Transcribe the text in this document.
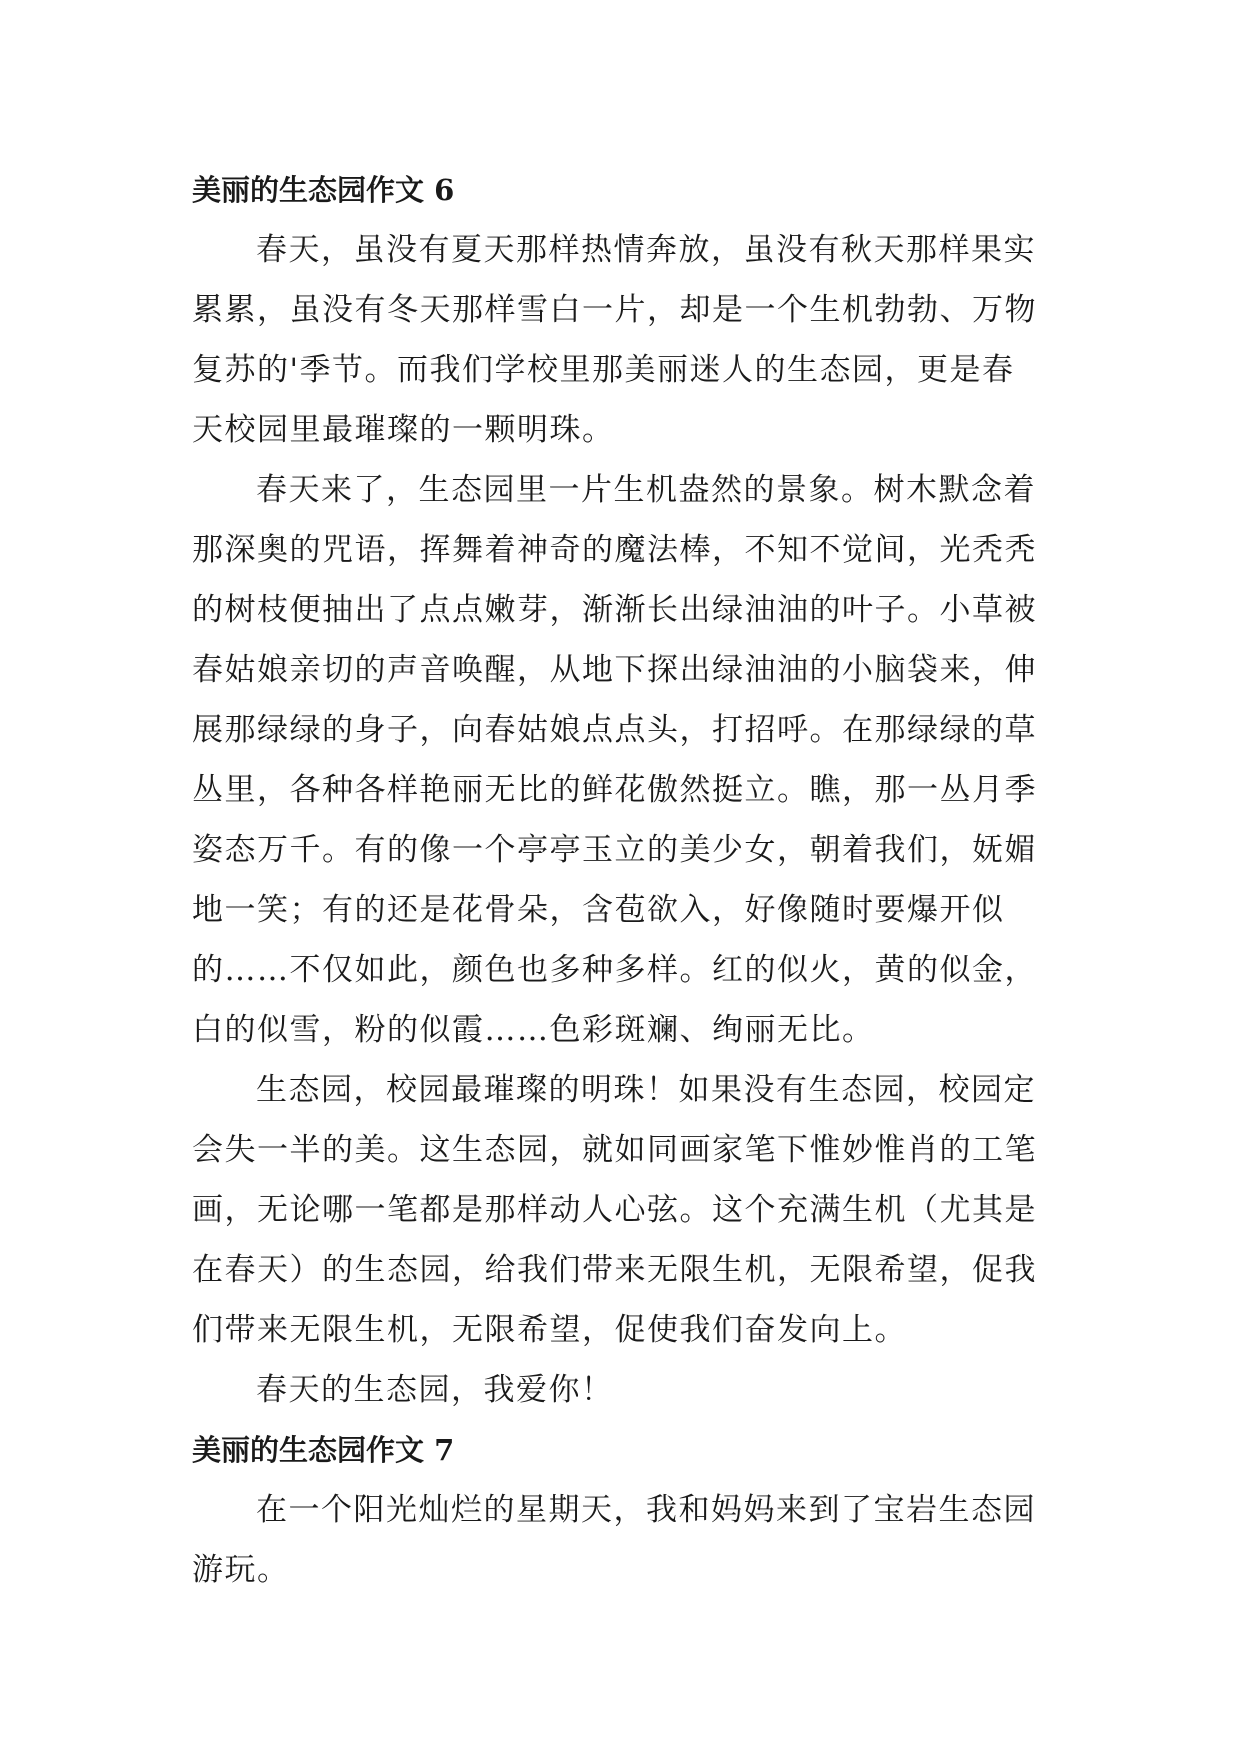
美丽的生态园作文 6

春天，虽没有夏天那样热情奔放，虽没有秋天那样果实
累累，虽没有冬天那样雪白一片，却是一个生机勃勃、万物
复苏的'季节。而我们学校里那美丽迷人的生态园，更是春
天校园里最璀璨的一颗明珠。

春天来了，生态园里一片生机盎然的景象。树木默念着
那深奥的咒语，挥舞着神奇的魔法棒，不知不觉间，光秃秃
的树枝便抽出了点点嫩芽，渐渐长出绿油油的叶子。小草被
春姑娘亲切的声音唤醒，从地下探出绿油油的小脑袋来，伸
展那绿绿的身子，向春姑娘点点头，打招呼。在那绿绿的草
丛里，各种各样艳丽无比的鲜花傲然挺立。瞧，那一丛月季
姿态万千。有的像一个亭亭玉立的美少女，朝着我们，妩媚
地一笑；有的还是花骨朵，含苞欲入，好像随时要爆开似
的……不仅如此，颜色也多种多样。红的似火，黄的似金，
白的似雪，粉的似霞……色彩斑斓、绚丽无比。

生态园，校园最璀璨的明珠！如果没有生态园，校园定
会失一半的美。这生态园，就如同画家笔下惟妙惟肖的工笔
画，无论哪一笔都是那样动人心弦。这个充满生机（尤其是
在春天）的生态园，给我们带来无限生机，无限希望，促我
们带来无限生机，无限希望，促使我们奋发向上。

春天的生态园，我爱你！

美丽的生态园作文 7

在一个阳光灿烂的星期天，我和妈妈来到了宝岩生态园
游玩。
